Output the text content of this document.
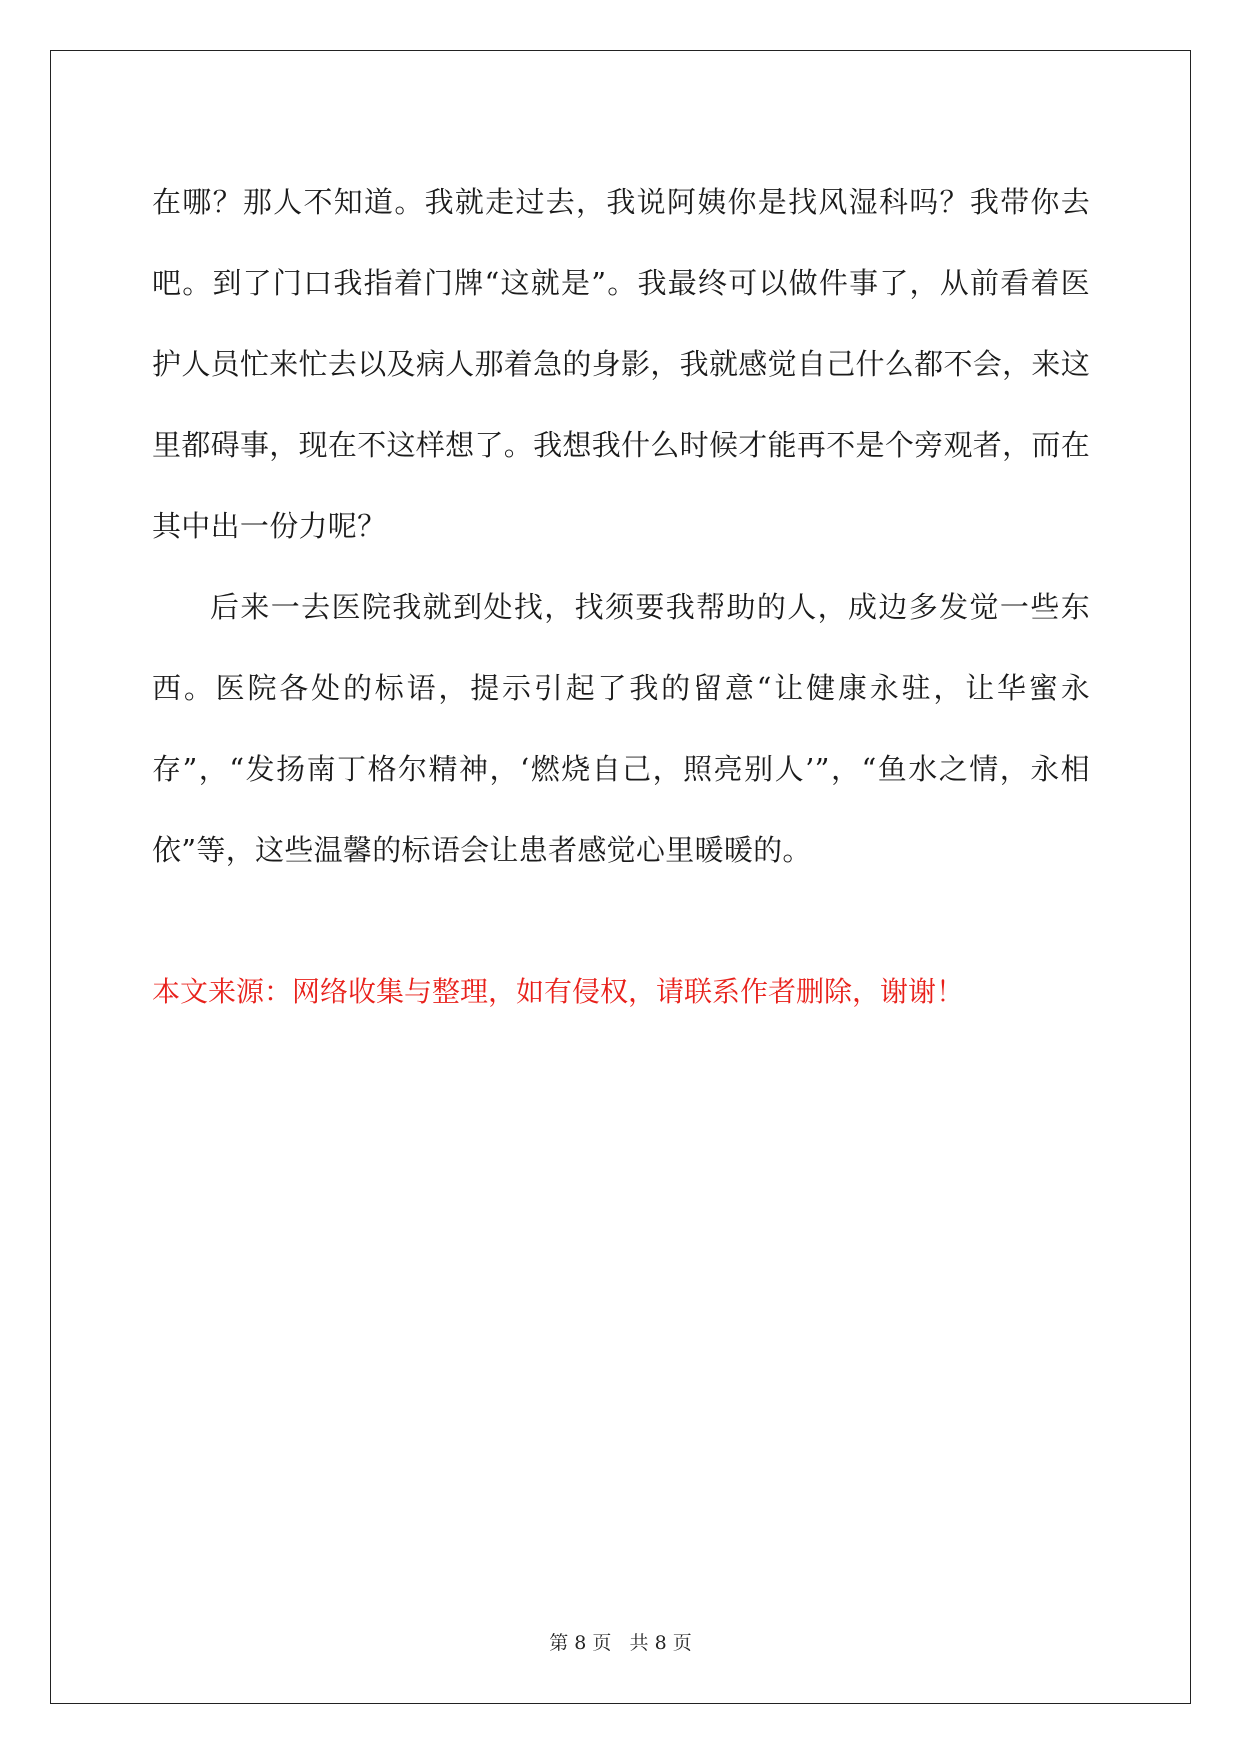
在哪？那人不知道。我就走过去，我说阿姨你是找风湿科吗？我带你去吧。到了门口我指着门牌“这就是”。我最终可以做件事了，从前看着医护人员忙来忙去以及病人那着急的身影，我就感觉自己什么都不会，来这里都碍事，现在不这样想了。我想我什么时候才能再不是个旁观者，而在其中出一份力呢？

后来一去医院我就到处找，找须要我帮助的人，成边多发觉一些东西。医院各处的标语，提示引起了我的留意“让健康永驻，让华蜜永存”，“发扬南丁格尔精神，‘燃烧自己，照亮别人’”，“鱼水之情，永相依”等，这些温馨的标语会让患者感觉心里暖暖的。

本文来源：网络收集与整理，如有侵权，请联系作者删除，谢谢！
第 8 页   共 8 页
